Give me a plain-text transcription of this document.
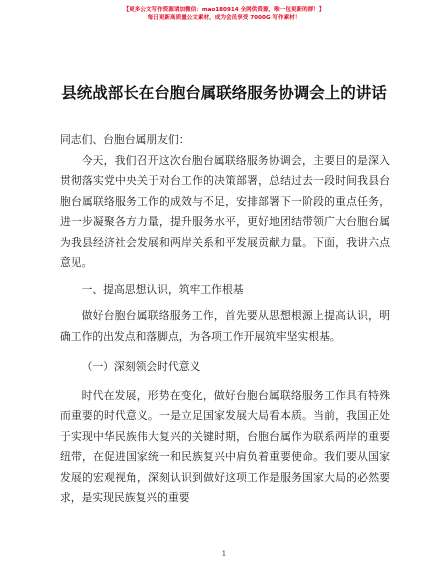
【更多公文写作资源请加微信：mao180914 全网供资源，唯一包更新的群！】
每日更新高质量公文素材，成为会员享受 7000G 写作素材！
县统战部长在台胞台属联络服务协调会上的讲话

同志们、台胞台属朋友们：

今天，我们召开这次台胞台属联络服务协调会，主要目的是深入贯彻落实党中央关于对台工作的决策部署，总结过去一段时间我县台胞台属联络服务工作的成效与不足，安排部署下一阶段的重点任务，进一步凝聚各方力量，提升服务水平，更好地团结带领广大台胞台属为我县经济社会发展和两岸关系和平发展贡献力量。下面，我讲六点意见。

一、提高思想认识，筑牢工作根基

做好台胞台属联络服务工作，首先要从思想根源上提高认识，明确工作的出发点和落脚点，为各项工作开展筑牢坚实根基。

（一）深刻领会时代意义

时代在发展，形势在变化，做好台胞台属联络服务工作具有特殊而重要的时代意义。一是立足国家发展大局看本质。当前，我国正处于实现中华民族伟大复兴的关键时期，台胞台属作为联系两岸的重要纽带，在促进国家统一和民族复兴中肩负着重要使命。我们要从国家发展的宏观视角，深刻认识到做好这项工作是服务国家大局的必然要求，是实现民族复兴的重要

1
